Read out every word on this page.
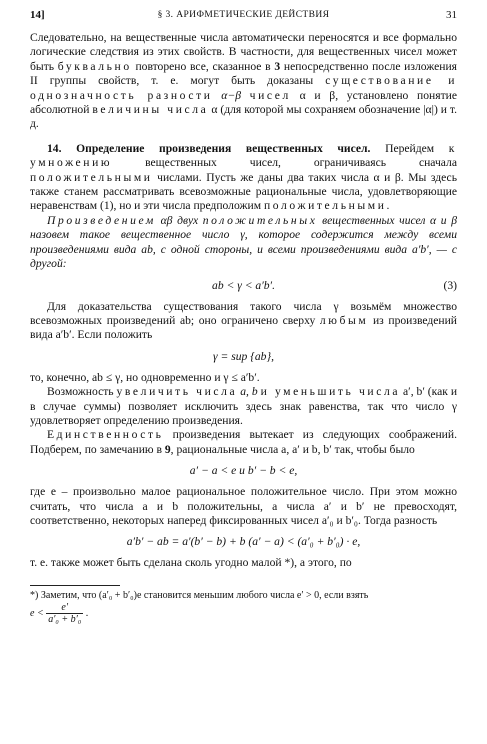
14]	§ 3. АРИФМЕТИЧЕСКИЕ ДЕЙСТВИЯ	31

Следовательно, на вещественные числа автоматически переносятся и все формально логические следствия из этих свойств. В частности, для вещественных чисел может быть буквально повторено все, сказанное в 3 непосредственно после изложения II группы свойств, т. е. могут быть доказаны существование и однозначность разности α−β чисел α и β, установлено понятие абсолютной величины числа α (для которой мы сохраняем обозначение |α|) и т. д.

14. Определение произведения вещественных чисел. Перейдем к умножению	вещественных чисел, ограничиваясь сначала положительными числами. Пусть же даны два таких числа α и β. Мы здесь также станем рассматривать всевозможные рациональные числа, удовлетворяющие неравенствам (1), но и эти числа предположим положительными.

Произведением αβ двух положительных вещественных чисел α и β назовем такое вещественное число γ, которое содержится между всеми произведениями вида ab, с одной стороны, и всеми произведениями вида a′b′, — с другой:

ab < γ < a′b′.	(3)

Для доказательства существования такого числа γ возьмём множество всевозможных произведений ab; оно ограничено сверху любым из произведений вида a′b′. Если положить

γ = sup {ab},

то, конечно, ab ≤ γ, но одновременно и γ ≤ a′b′.

Возможность увеличить числа a, b и уменьшить числа a′, b′ (как и в случае суммы) позволяет исключить здесь знак равенства, так что число γ удовлетворяет определению произведения.

Единственность произведения вытекает из следующих соображений. Подберем, по замечанию в 9, рациональные числа a, a′ и b, b′ так, чтобы было

a′ − a < e и b′ − b < e,

где e – произвольно малое рациональное положительное число. При этом можно считать, что числа a и b положительны, а числа a′ и b′ не превосходят, соответственно, некоторых наперед фиксированных чисел a′₀ и b′₀. Тогда разность

a′b′ − ab = a′(b′ − b) + b (a′ − a) < (a′₀ + b′₀) · e,

т. е. также может быть сделана сколь угодно малой *), а этого, по

*) Заметим, что (a′₀ + b′₀)e становится меньшим любого числа e′ > 0, если взять
$e < \frac{e'}{\text{a′₀ + b′₀}}$ .
